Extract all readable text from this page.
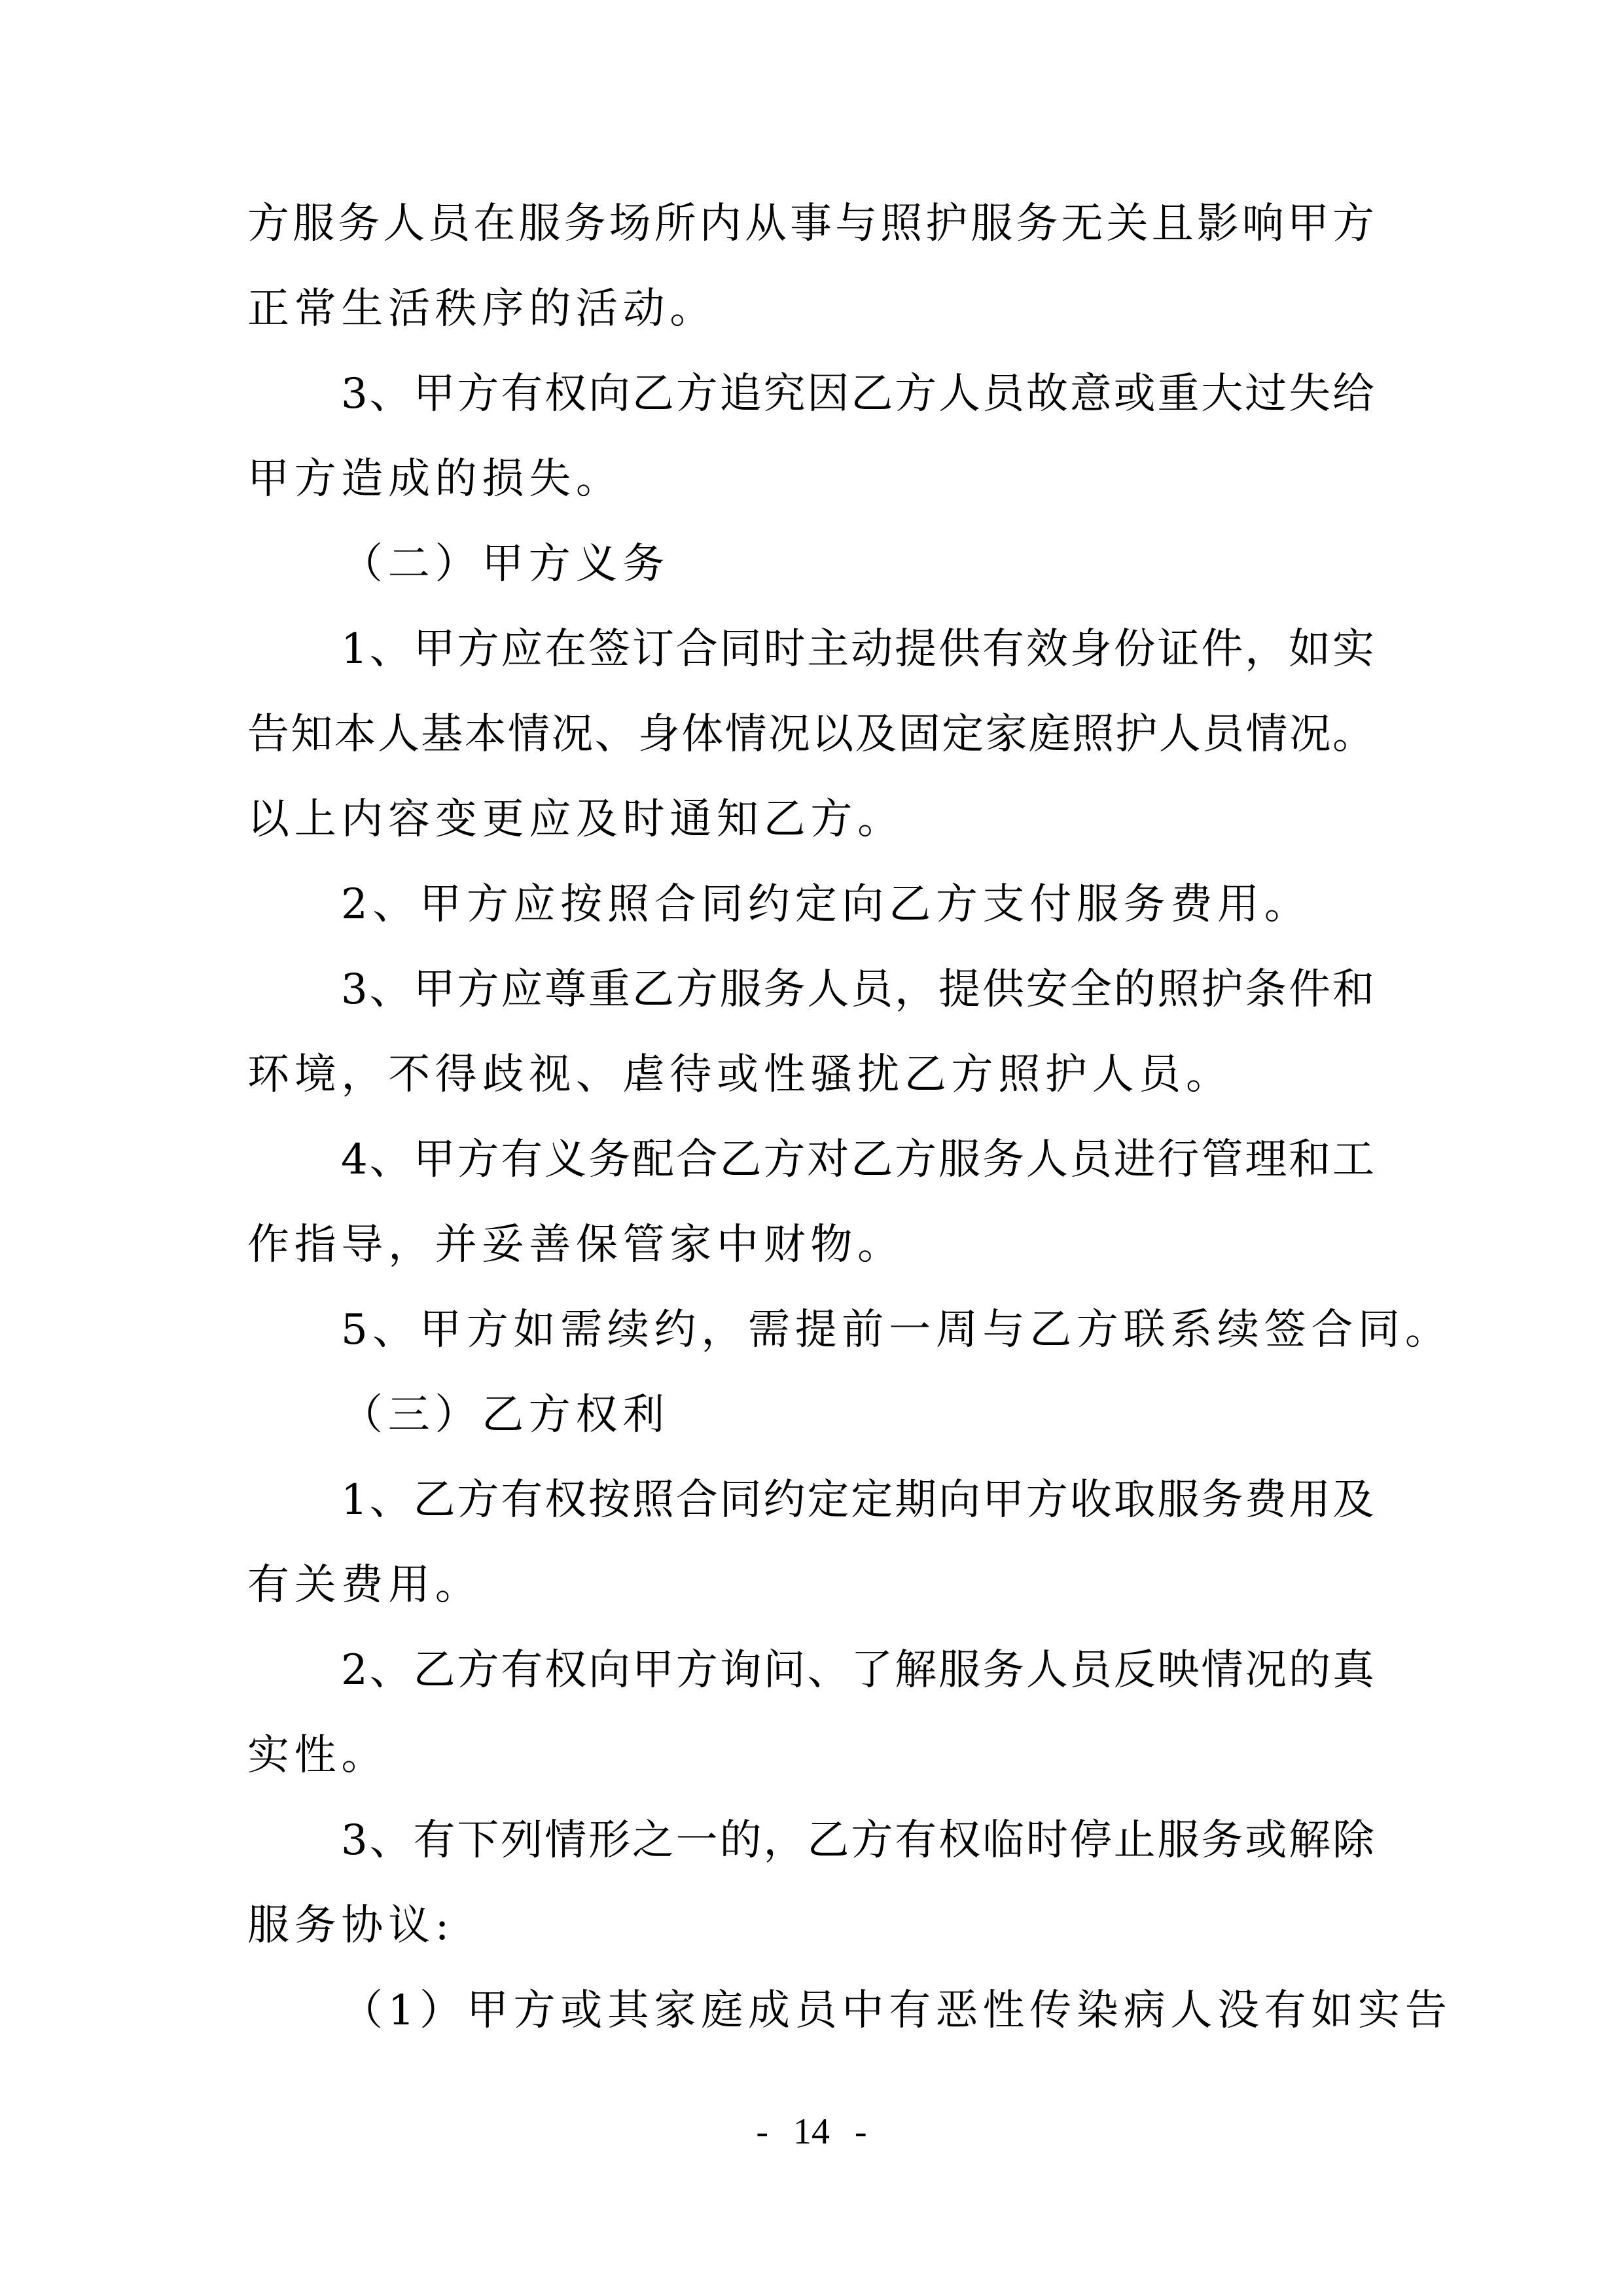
方服务人员在服务场所内从事与照护服务无关且影响甲方
正常生活秩序的活动。
3、甲方有权向乙方追究因乙方人员故意或重大过失给
甲方造成的损失。
（二）甲方义务
1、甲方应在签订合同时主动提供有效身份证件，如实
告知本人基本情况、身体情况以及固定家庭照护人员情况。
以上内容变更应及时通知乙方。
2、甲方应按照合同约定向乙方支付服务费用。
3、甲方应尊重乙方服务人员，提供安全的照护条件和
环境，不得歧视、虐待或性骚扰乙方照护人员。
4、甲方有义务配合乙方对乙方服务人员进行管理和工
作指导，并妥善保管家中财物。
5、甲方如需续约，需提前一周与乙方联系续签合同。
（三）乙方权利
1、乙方有权按照合同约定定期向甲方收取服务费用及
有关费用。
2、乙方有权向甲方询问、了解服务人员反映情况的真
实性。
3、有下列情形之一的，乙方有权临时停止服务或解除
服务协议:
（1）甲方或其家庭成员中有恶性传染病人没有如实告
- 14 -
